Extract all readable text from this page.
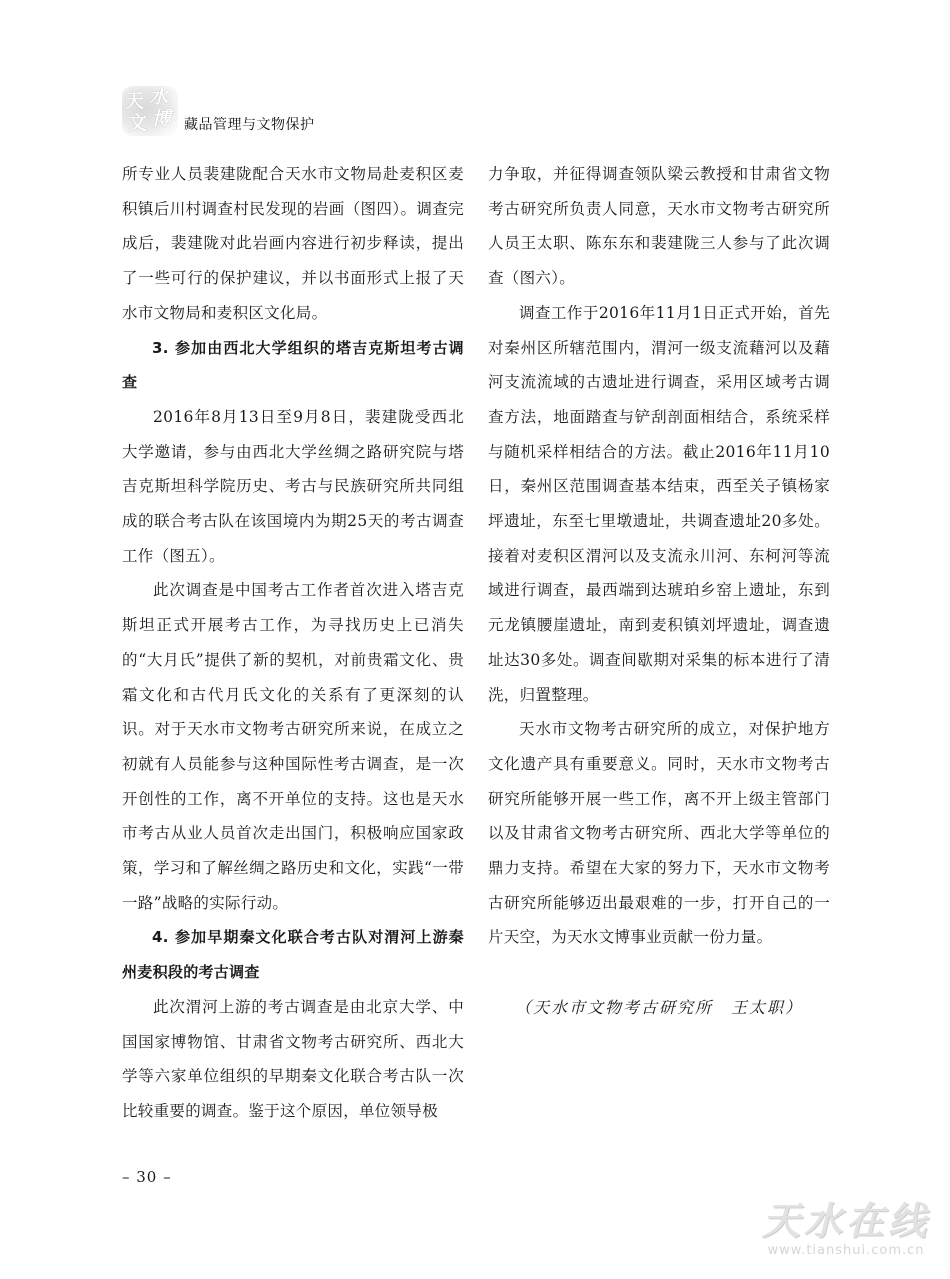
天 水
文 博 藏品管理与文物保护

所专业人员裴建陇配合天水市文物局赴麦积区麦积镇后川村调查村民发现的岩画（图四）。调查完成后，裴建陇对此岩画内容进行初步释读，提出了一些可行的保护建议，并以书面形式上报了天水市文物局和麦积区文化局。

3. 参加由西北大学组织的塔吉克斯坦考古调查

2016年8月13日至9月8日，裴建陇受西北大学邀请，参与由西北大学丝绸之路研究院与塔吉克斯坦科学院历史、考古与民族研究所共同组成的联合考古队在该国境内为期25天的考古调查工作（图五）。

此次调查是中国考古工作者首次进入塔吉克斯坦正式开展考古工作，为寻找历史上已消失的“大月氏”提供了新的契机，对前贵霜文化、贵霜文化和古代月氏文化的关系有了更深刻的认识。对于天水市文物考古研究所来说，在成立之初就有人员能参与这种国际性考古调查，是一次开创性的工作，离不开单位的支持。这也是天水市考古从业人员首次走出国门，积极响应国家政策，学习和了解丝绸之路历史和文化，实践“一带一路”战略的实际行动。

4. 参加早期秦文化联合考古队对渭河上游秦州麦积段的考古调查

此次渭河上游的考古调查是由北京大学、中国国家博物馆、甘肃省文物考古研究所、西北大学等六家单位组织的早期秦文化联合考古队一次比较重要的调查。鉴于这个原因，单位领导极

力争取，并征得调查领队梁云教授和甘肃省文物考古研究所负责人同意，天水市文物考古研究所人员王太职、陈东东和裴建陇三人参与了此次调查（图六）。

调查工作于2016年11月1日正式开始，首先对秦州区所辖范围内，渭河一级支流藉河以及藉河支流流域的古遗址进行调查，采用区域考古调查方法，地面踏查与铲刮剖面相结合，系统采样与随机采样相结合的方法。截止2016年11月10日，秦州区范围调查基本结束，西至关子镇杨家坪遗址，东至七里墩遗址，共调查遗址20多处。接着对麦积区渭河以及支流永川河、东柯河等流域进行调查，最西端到达琥珀乡窑上遗址，东到元龙镇腰崖遗址，南到麦积镇刘坪遗址，调查遗址达30多处。调查间歇期对采集的标本进行了清洗，归置整理。

天水市文物考古研究所的成立，对保护地方文化遗产具有重要意义。同时，天水市文物考古研究所能够开展一些工作，离不开上级主管部门以及甘肃省文物考古研究所、西北大学等单位的鼎力支持。希望在大家的努力下，天水市文物考古研究所能够迈出最艰难的一步，打开自己的一片天空，为天水文博事业贡献一份力量。

（天水市文物考古研究所　王太职）

– 30 –
天水在线
www.tianshui.com.cn
